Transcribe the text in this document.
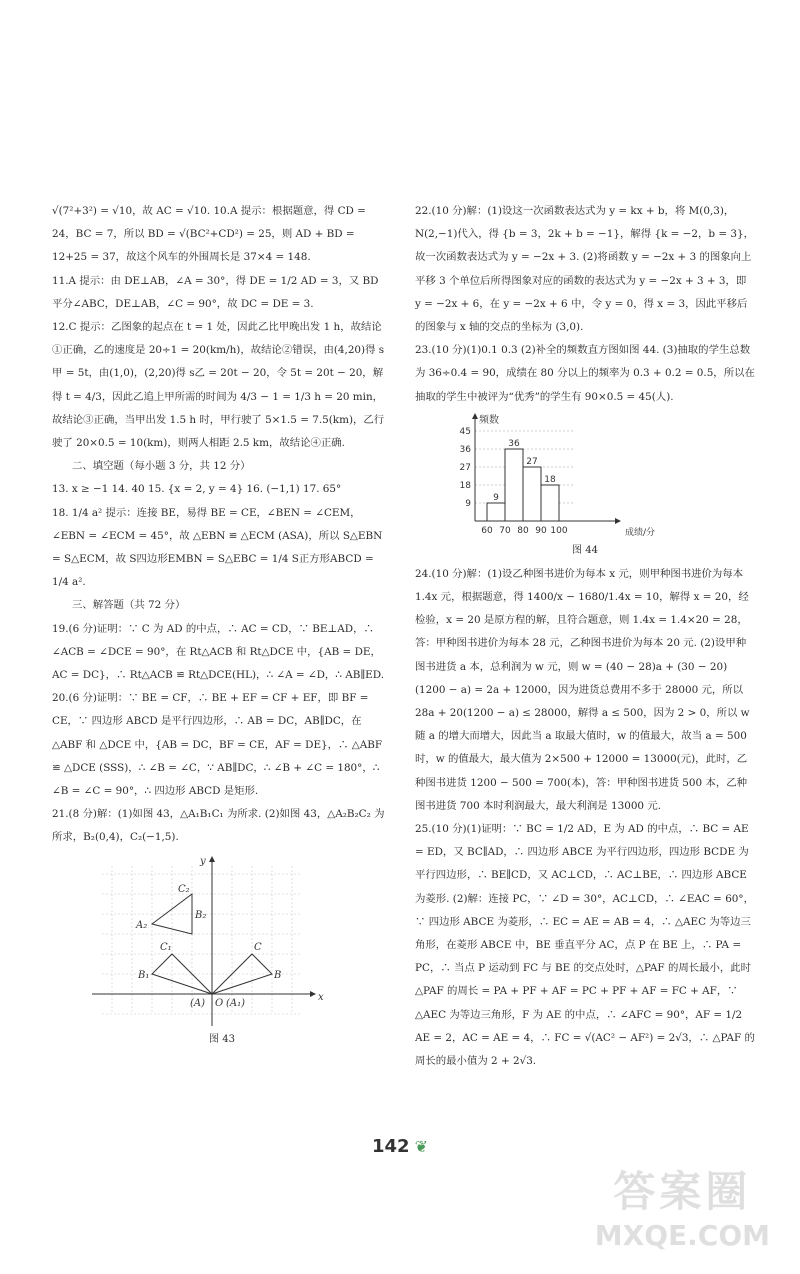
√(7²+3²) = √10，故 AC = √10. 10.A 提示：根据题意，得 CD = 24，BC = 7，所以 BD = √(BC²+CD²) = 25，则 AD + BD = 12+25 = 37，故这个风车的外围周长是 37×4 = 148.

11.A 提示：由 DE⊥AB，∠A = 30°，得 DE = 1/2 AD = 3，又 BD 平分∠ABC，DE⊥AB，∠C = 90°，故 DC = DE = 3.

12.C 提示：乙图象的起点在 t = 1 处，因此乙比甲晚出发 1 h，故结论①正确，乙的速度是 20÷1 = 20(km/h)，故结论②错误，由(4,20)得 s甲 = 5t，由(1,0)，(2,20)得 s乙 = 20t − 20，令 5t = 20t − 20，解得 t = 4/3，因此乙追上甲所需的时间为 4/3 − 1 = 1/3 h = 20 min，故结论③正确，当甲出发 1.5 h 时，甲行驶了 5×1.5 = 7.5(km)，乙行驶了 20×0.5 = 10(km)，则两人相距 2.5 km，故结论④正确.

二、填空题（每小题 3 分，共 12 分）

13. x ≥ −1 14. 40 15. {x = 2, y = 4} 16. (−1,1) 17. 65°

18. 1/4 a² 提示：连接 BE，易得 BE = CE，∠BEN = ∠CEM，∠EBN = ∠ECM = 45°，故 △EBN ≌ △ECM (ASA)，所以 S△EBN = S△ECM，故 S四边形EMBN = S△EBC = 1/4 S正方形ABCD = 1/4 a².

三、解答题（共 72 分）

19.(6 分)证明：∵ C 为 AD 的中点，∴ AC = CD，∵ BE⊥AD，∴ ∠ACB = ∠DCE = 90°，在 Rt△ACB 和 Rt△DCE 中，{AB = DE，AC = DC}，∴ Rt△ACB ≌ Rt△DCE(HL)，∴ ∠A = ∠D，∴ AB∥ED.

20.(6 分)证明：∵ BE = CF，∴ BE + EF = CF + EF，即 BF = CE，∵ 四边形 ABCD 是平行四边形，∴ AB = DC，AB∥DC，在 △ABF 和 △DCE 中，{AB = DC，BF = CE，AF = DE}，∴ △ABF ≌ △DCE (SSS)，∴ ∠B = ∠C，∵ AB∥DC，∴ ∠B + ∠C = 180°，∴ ∠B = ∠C = 90°，∴ 四边形 ABCD 是矩形.

21.(8 分)解：(1)如图 43，△A₁B₁C₁ 为所求. (2)如图 43，△A₂B₂C₂ 为所求，B₂(0,4)，C₂(−1,5).

x
y
O
C₂
B₂
A₂
C₁
B₁
C
B
(A) (A₁)
图 43

22.(10 分)解：(1)设这一次函数表达式为 y = kx + b，将 M(0,3)，N(2,−1)代入，得 {b = 3，2k + b = −1}，解得 {k = −2，b = 3}，故一次函数表达式为 y = −2x + 3. (2)将函数 y = −2x + 3 的图象向上平移 3 个单位后所得图象对应的函数的表达式为 y = −2x + 3 + 3，即 y = −2x + 6，在 y = −2x + 6 中，令 y = 0，得 x = 3，因此平移后的图象与 x 轴的交点的坐标为 (3,0).

23.(10 分)(1)0.1 0.3 (2)补全的频数直方图如图 44. (3)抽取的学生总数为 36÷0.4 = 90，成绩在 80 分以上的频率为 0.3 + 0.2 = 0.5，所以在抽取的学生中被评为“优秀”的学生有 90×0.5 = 45(人).

9
18
27
36
45
9
36
27
18
60 70 80 90 100
频数
成绩/分
图 44

24.(10 分)解：(1)设乙种图书进价为每本 x 元，则甲种图书进价为每本 1.4x 元，根据题意，得 1400/x − 1680/1.4x = 10，解得 x = 20，经检验，x = 20 是原方程的解，且符合题意，则 1.4x = 1.4×20 = 28，答：甲种图书进价为每本 28 元，乙种图书进价为每本 20 元. (2)设甲种图书进货 a 本，总利润为 w 元，则 w = (40 − 28)a + (30 − 20)(1200 − a) = 2a + 12000，因为进货总费用不多于 28000 元，所以 28a + 20(1200 − a) ≤ 28000，解得 a ≤ 500，因为 2 > 0，所以 w 随 a 的增大而增大，因此当 a 取最大值时，w 的值最大，故当 a = 500 时，w 的值最大，最大值为 2×500 + 12000 = 13000(元)，此时，乙种图书进货 1200 − 500 = 700(本)，答：甲种图书进货 500 本，乙种图书进货 700 本时利润最大，最大利润是 13000 元.

25.(10 分)(1)证明：∵ BC = 1/2 AD，E 为 AD 的中点，∴ BC = AE = ED，又 BC∥AD，∴ 四边形 ABCE 为平行四边形，四边形 BCDE 为平行四边形，∴ BE∥CD，又 AC⊥CD，∴ AC⊥BE，∴ 四边形 ABCE 为菱形. (2)解：连接 PC，∵ ∠D = 30°，AC⊥CD，∴ ∠EAC = 60°，∵ 四边形 ABCE 为菱形，∴ EC = AE = AB = 4，∴ △AEC 为等边三角形，在菱形 ABCE 中，BE 垂直平分 AC，点 P 在 BE 上，∴ PA = PC，∴ 当点 P 运动到 FC 与 BE 的交点处时，△PAF 的周长最小，此时 △PAF 的周长 = PA + PF + AF = PC + PF + AF = FC + AF，∵ △AEC 为等边三角形，F 为 AE 的中点，∴ ∠AFC = 90°，AF = 1/2 AE = 2，AC = AE = 4，∴ FC = √(AC² − AF²) = 2√3，∴ △PAF 的周长的最小值为 2 + 2√3.

142 ❦
答案圈
MXQE.COM
